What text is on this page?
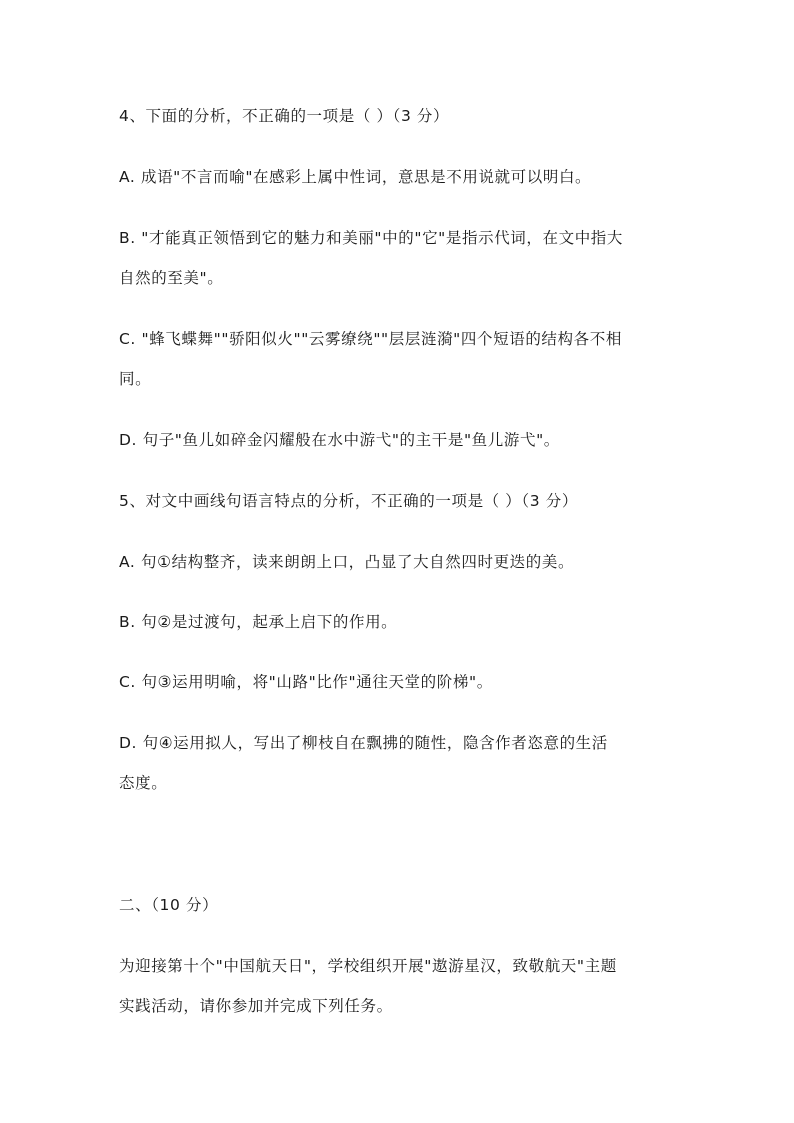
4、下面的分析，不正确的一项是（ ）（3 分）
A. 成语"不言而喻"在感彩上属中性词，意思是不用说就可以明白。
B. "才能真正领悟到它的魅力和美丽"中的"它"是指示代词，在文中指大
自然的至美"。
C. "蜂飞蝶舞""骄阳似火""云雾缭绕""层层涟漪"四个短语的结构各不相
同。
D. 句子"鱼儿如碎金闪耀般在水中游弋"的主干是"鱼儿游弋"。
5、对文中画线句语言特点的分析，不正确的一项是（ ）（3 分）
A. 句①结构整齐，读来朗朗上口，凸显了大自然四时更迭的美。
B. 句②是过渡句，起承上启下的作用。
C. 句③运用明喻，将"山路"比作"通往天堂的阶梯"。
D. 句④运用拟人，写出了柳枝自在飘拂的随性，隐含作者恣意的生活
态度。
二、（10 分）
为迎接第十个"中国航天日"，学校组织开展"遨游星汉，致敬航天"主题
实践活动，请你参加并完成下列任务。
